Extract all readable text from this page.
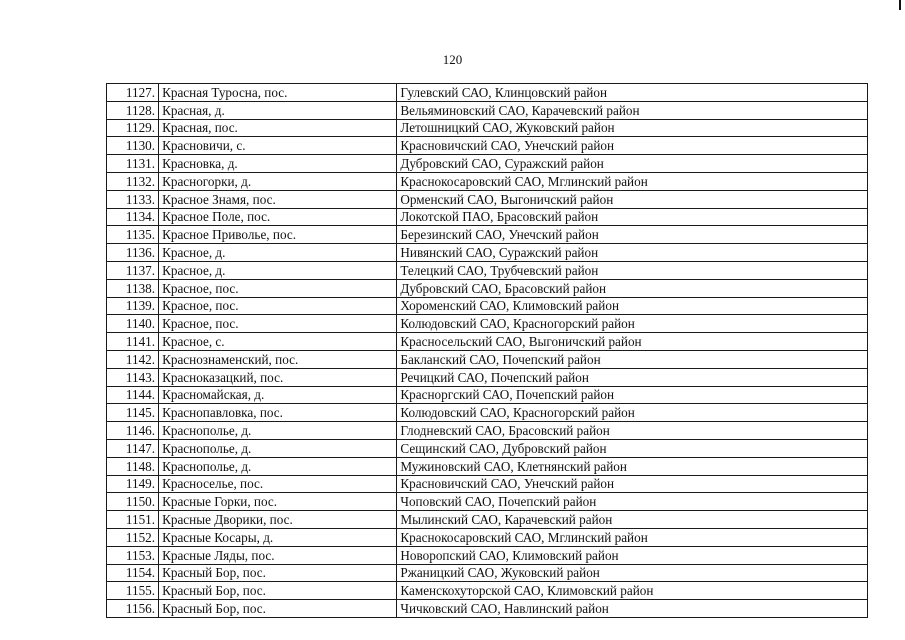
120
1127.	Красная Туросна, пос.	Гулевский САО, Клинцовский район
1128.	Красная, д.	Вельяминовский САО, Карачевский район
1129.	Красная, пос.	Летошницкий САО, Жуковский район
1130.	Красновичи, с.	Красновичский САО, Унечский район
1131.	Красновка, д.	Дубровский САО, Суражский район
1132.	Красногорки, д.	Краснокосаровский САО, Мглинский район
1133.	Красное Знамя, пос.	Орменский САО, Выгоничский район
1134.	Красное Поле, пос.	Локотской ПАО, Брасовский район
1135.	Красное Приволье, пос.	Березинский САО, Унечский район
1136.	Красное, д.	Нивянский САО, Суражский район
1137.	Красное, д.	Телецкий САО, Трубчевский район
1138.	Красное, пос.	Дубровский САО, Брасовский район
1139.	Красное, пос.	Хороменский САО, Климовский район
1140.	Красное, пос.	Колюдовский САО, Красногорский район
1141.	Красное, с.	Красносельский САО, Выгоничский район
1142.	Краснознаменский, пос.	Бакланский САО, Почепский район
1143.	Красноказацкий, пос.	Речицкий САО, Почепский район
1144.	Красномайская, д.	Красноргский САО, Почепский район
1145.	Краснопавловка, пос.	Колюдовский САО, Красногорский район
1146.	Краснополье, д.	Глодневский САО, Брасовский район
1147.	Краснополье, д.	Сещинский САО, Дубровский район
1148.	Краснополье, д.	Мужиновский САО, Клетнянский район
1149.	Красноселье, пос.	Красновичский САО, Унечский район
1150.	Красные Горки, пос.	Чоповский САО, Почепский район
1151.	Красные Дворики, пос.	Мылинский САО, Карачевский район
1152.	Красные Косары, д.	Краснокосаровский САО, Мглинский район
1153.	Красные Ляды, пос.	Новоропский САО, Климовский район
1154.	Красный Бор, пос.	Ржаницкий САО, Жуковский район
1155.	Красный Бор, пос.	Каменскохуторской САО, Климовский район
1156.	Красный Бор, пос.	Чичковский САО, Навлинский район
